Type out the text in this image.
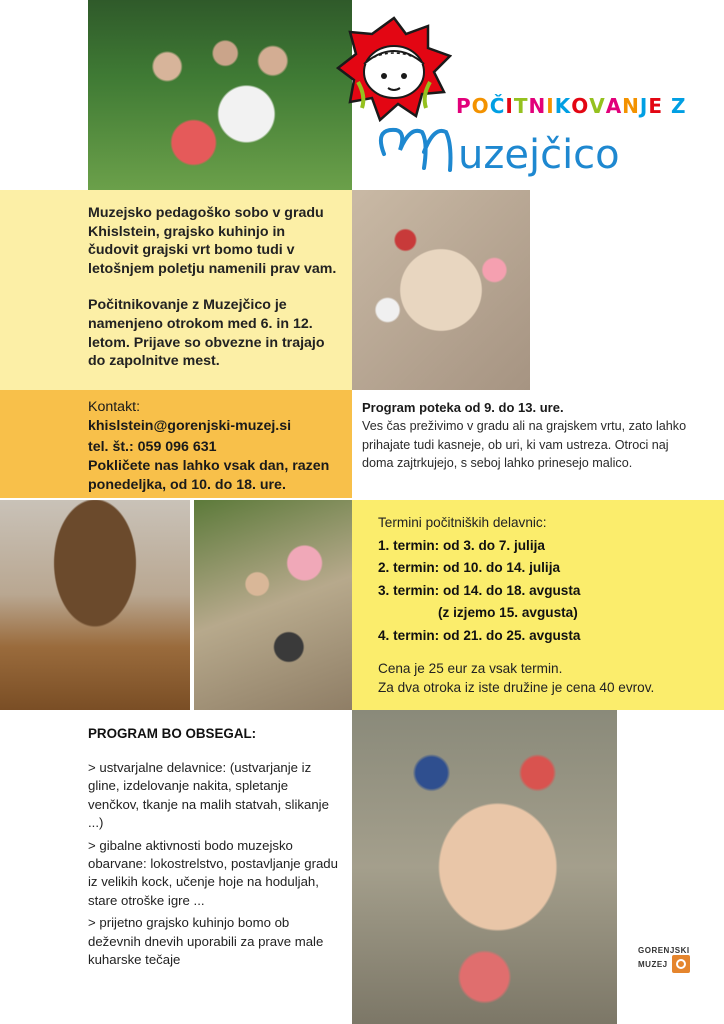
POČITNIKOVANJE Z
uzejčico

Muzejsko pedagoško sobo v gradu Khislstein, grajsko kuhinjo in čudovit grajski vrt bomo tudi v letošnjem poletju namenili prav vam.

Počitnikovanje z Muzejčico je namenjeno otrokom med 6. in 12. letom. Prijave so obvezne in trajajo do zapolnitve mest.

Kontakt:
khislstein@gorenjski-muzej.si
tel. št.: 059 096 631
Pokličete nas lahko vsak dan, razen ponedeljka, od 10. do 18. ure.
Program poteka od 9. do 13. ure.
Ves čas preživimo v gradu ali na grajskem vrtu, zato lahko prihajate tudi kasneje, ob uri, ki vam ustreza. Otroci naj doma zajtrkujejo, s seboj lahko prinesejo malico.
Termini počitniških delavnic:
1. termin: od 3. do 7. julija
2. termin: od 10. do 14. julija
3. termin: od 14. do 18. avgusta
(z izjemo 15. avgusta)
4. termin: od 21. do 25. avgusta
Cena je 25 eur za vsak termin.
Za dva otroka iz iste družine je cena 40 evrov.
PROGRAM BO OBSEGAL:

> ustvarjalne delavnice: (ustvarjanje iz gline, izdelovanje nakita, spletanje venčkov, tkanje na malih statvah, slikanje ...)

> gibalne aktivnosti bodo muzejsko obarvane: lokostrelstvo, postavljanje gradu iz velikih kock, učenje hoje na hoduljah, stare otroške igre ...

> prijetno grajsko kuhinjo bomo ob deževnih dnevih uporabili za prave male kuharske tečaje

GORENJSKI
MUZEJ
